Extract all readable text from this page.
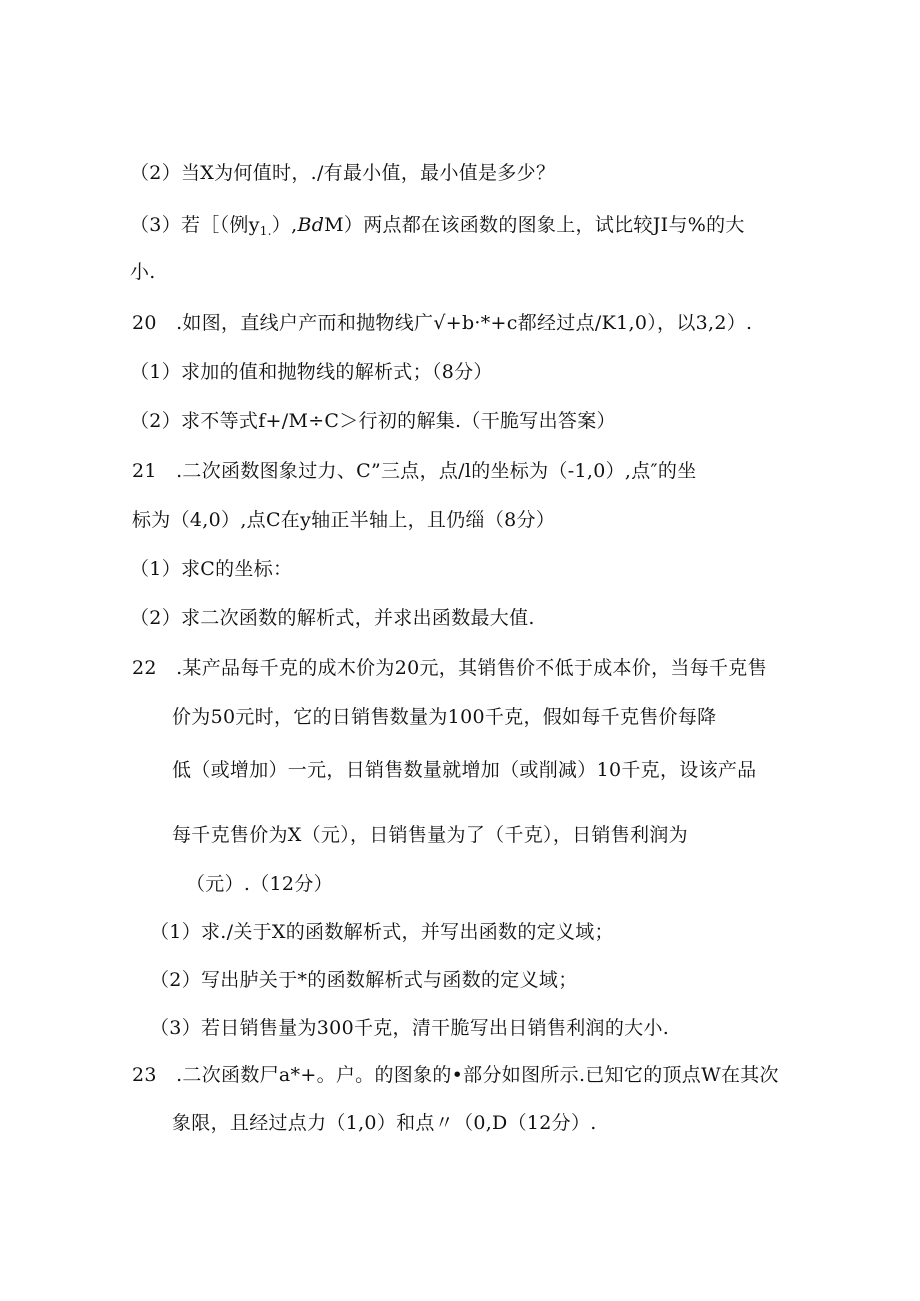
（2）当X为何值时，./有最小值，最小值是多少？
（3）若［（例$y_{1.}),BdM$）两点都在该函数的图象上，试比较JI与%的大
小.
20　.如图，直线户产而和抛物线广√+b·*+c都经过点/K1,0），以3,2）.
（1）求加的值和抛物线的解析式；（8分）
（2）求不等式f+/M÷C＞行初的解集.（干脆写出答案）
21　.二次函数图象过力、C”三点，点/l的坐标为（-1,0）,点″的坐
标为（4,0）,点C在y轴正半轴上，且仍缁（8分）
（1）求C的坐标：
（2）求二次函数的解析式，并求出函数最大值.
22　.某产品每千克的成木价为20元，其销售价不低于成本价，当每千克售
价为50元时，它的日销售数量为100千克，假如每千克售价每降
低（或增加）一元，日销售数量就增加（或削减）10千克，设该产品
每千克售价为X（元），日销售量为了（千克），日销售利润为
（元）.（12分）
（1）求./关于X的函数解析式，并写出函数的定义域；
（2）写出胪关于*的函数解析式与函数的定义域；
（3）若日销售量为300千克，清干脆写出日销售利润的大小.
23　.二次函数尸a*+。户。的图象的•部分如图所示.已知它的顶点W在其次
象限，且经过点力（1,0）和点〃（0,D（12分）.
